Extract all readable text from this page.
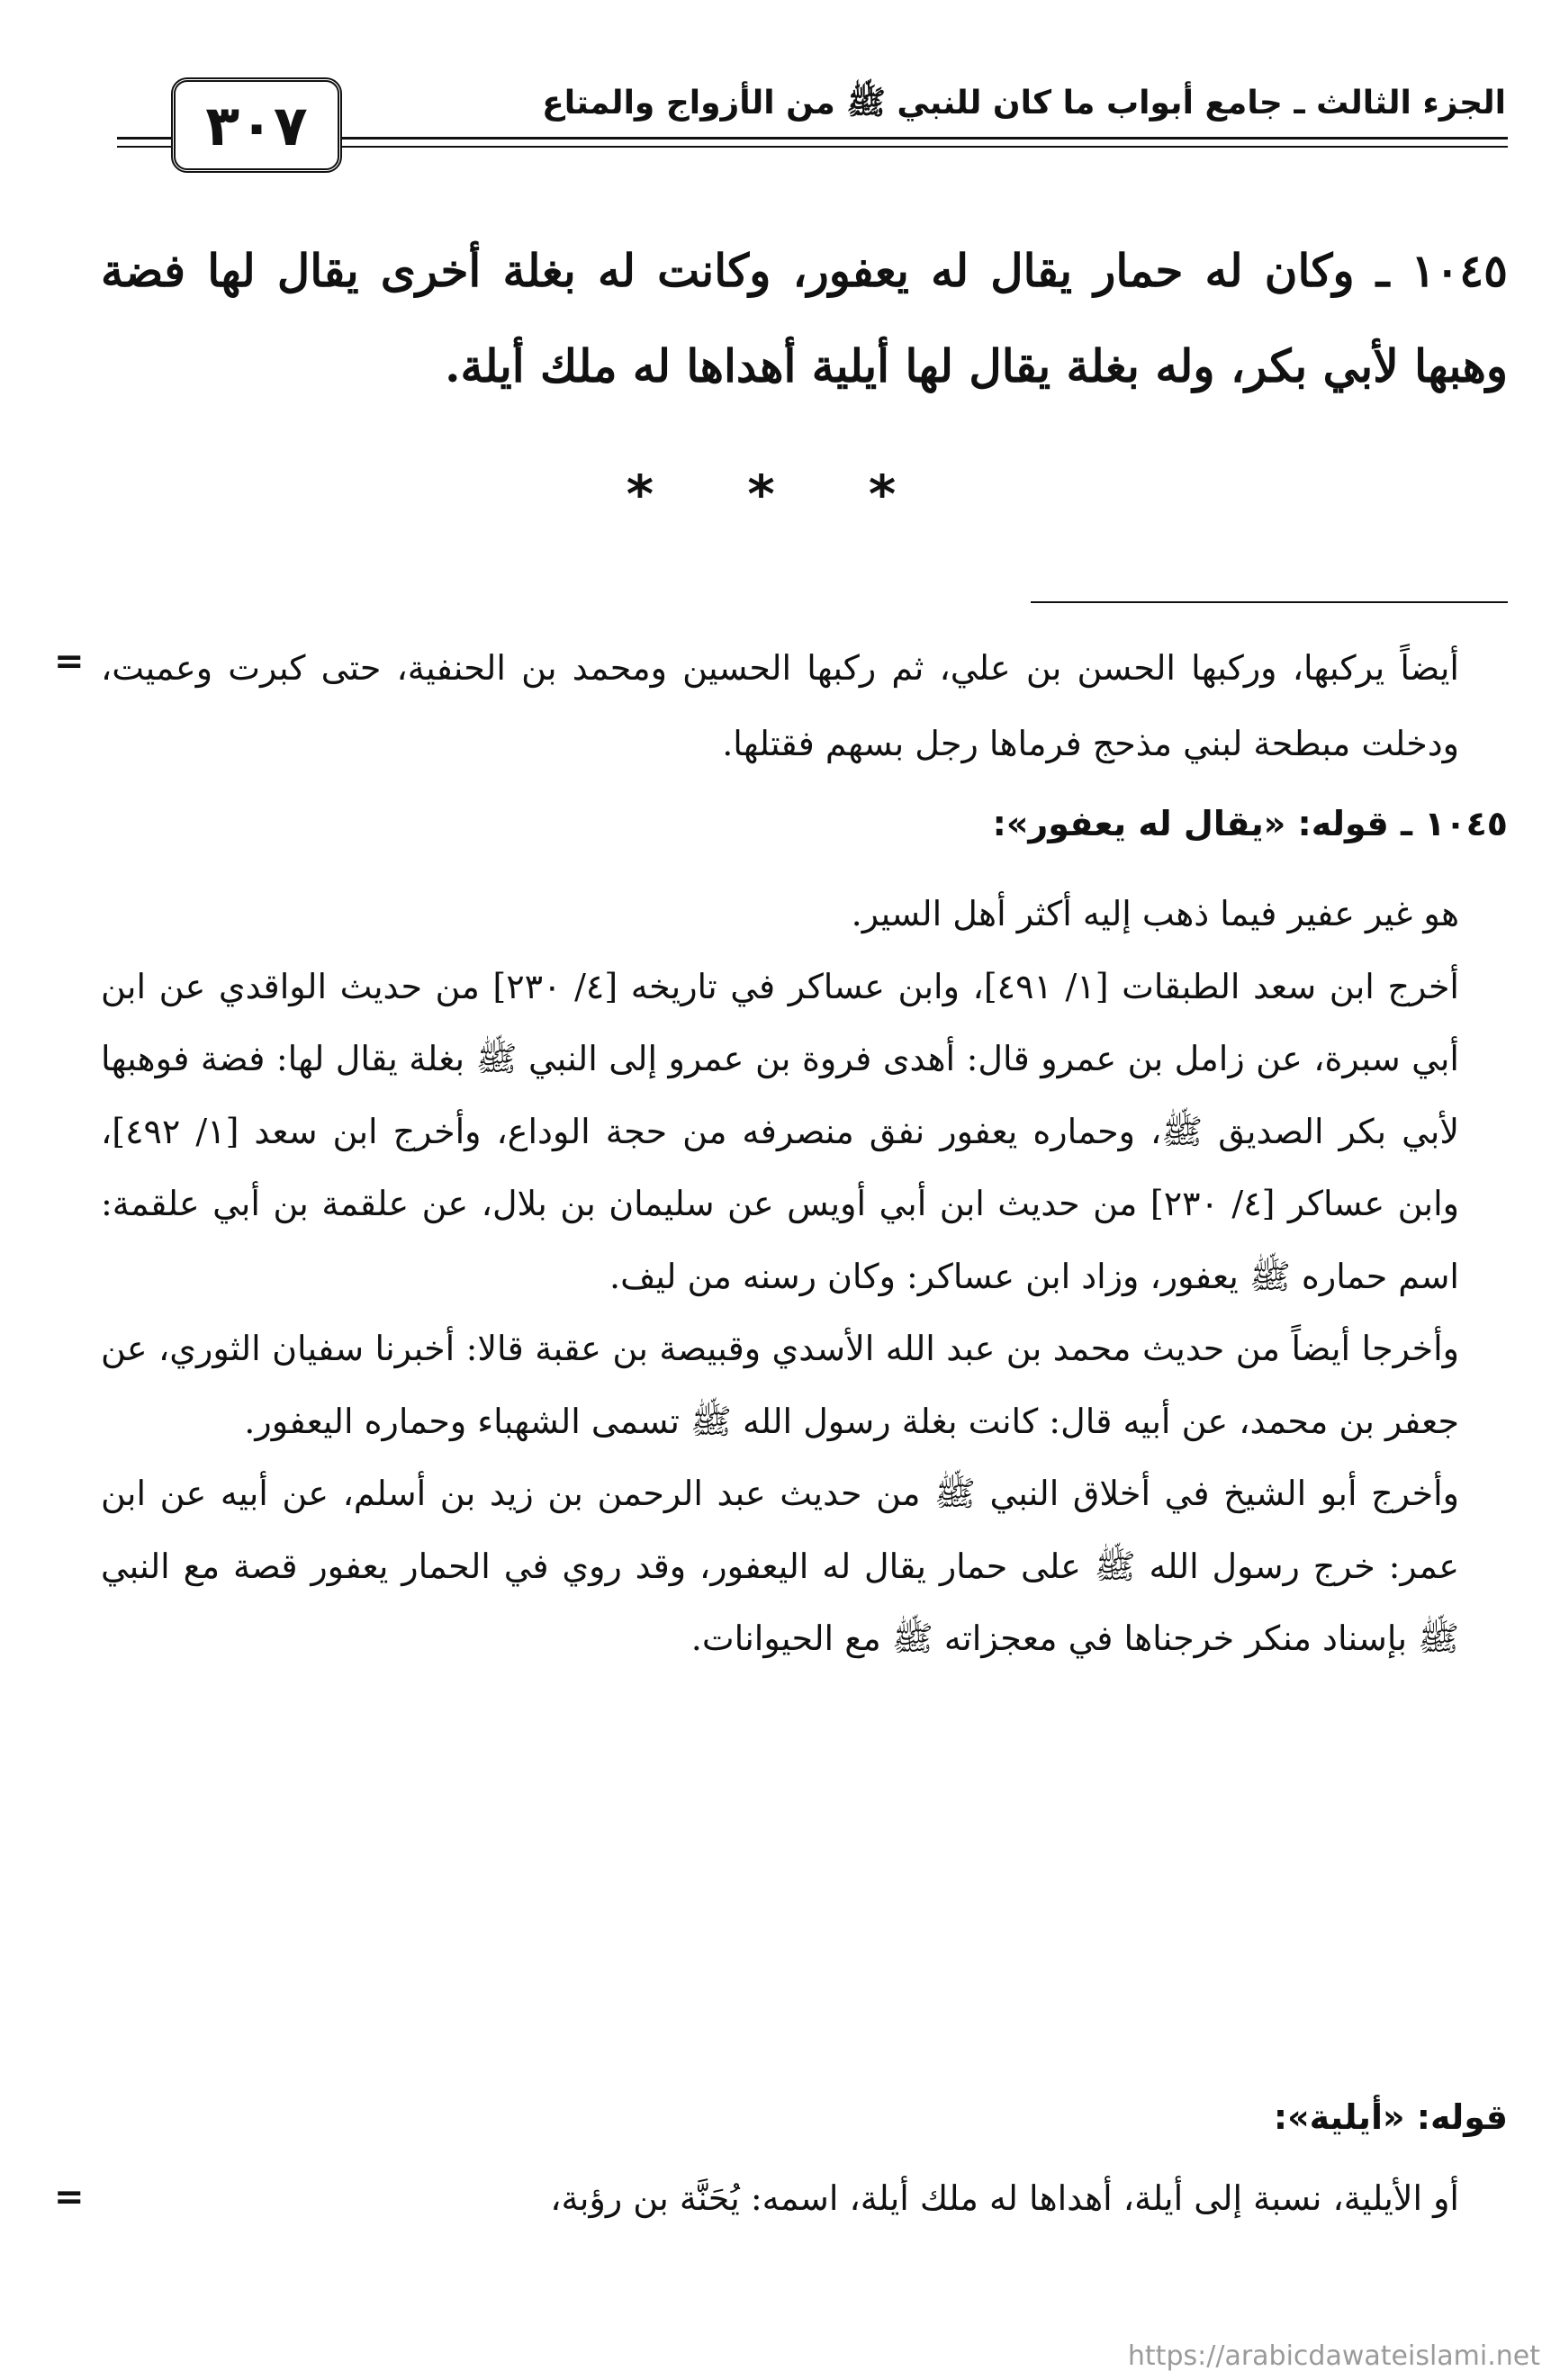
الجزء الثالث ـ جامع أبواب ما كان للنبي ﷺ من الأزواج والمتاع
٣٠٧
١٠٤٥ ـ وكان له حمار يقال له يعفور، وكانت له بغلة أخرى يقال لها فضة وهبها لأبي بكر، وله بغلة يقال لها أيلية أهداها له ملك أيلة.
* * *
= أيضاً يركبها، وركبها الحسن بن علي، ثم ركبها الحسين ومحمد بن الحنفية، حتى كبرت وعميت، ودخلت مبطحة لبني مذحج فرماها رجل بسهم فقتلها.
١٠٤٥ ـ قوله: «يقال له يعفور»:

هو غير عفير فيما ذهب إليه أكثر أهل السير.

أخرج ابن سعد الطبقات [١/ ٤٩١]، وابن عساكر في تاريخه [٤/ ٢٣٠] من حديث الواقدي عن ابن أبي سبرة، عن زامل بن عمرو قال: أهدى فروة بن عمرو إلى النبي ﷺ بغلة يقال لها: فضة فوهبها لأبي بكر الصديق ﷺ، وحماره يعفور نفق منصرفه من حجة الوداع، وأخرج ابن سعد [١/ ٤٩٢]، وابن عساكر [٤/ ٢٣٠] من حديث ابن أبي أويس عن سليمان بن بلال، عن علقمة بن أبي علقمة: اسم حماره ﷺ يعفور، وزاد ابن عساكر: وكان رسنه من ليف.

وأخرجا أيضاً من حديث محمد بن عبد الله الأسدي وقبيصة بن عقبة قالا: أخبرنا سفيان الثوري، عن جعفر بن محمد، عن أبيه قال: كانت بغلة رسول الله ﷺ تسمى الشهباء وحماره اليعفور.

وأخرج أبو الشيخ في أخلاق النبي ﷺ من حديث عبد الرحمن بن زيد بن أسلم، عن أبيه عن ابن عمر: خرج رسول الله ﷺ على حمار يقال له اليعفور، وقد روي في الحمار يعفور قصة مع النبي ﷺ بإسناد منكر خرجناها في معجزاته ﷺ مع الحيوانات.

قوله: «أيلية»:
أو الأيلية، نسبة إلى أيلة، أهداها له ملك أيلة، اسمه: يُحَنَّة بن رؤبة،
=
https://arabicdawateislami.net
